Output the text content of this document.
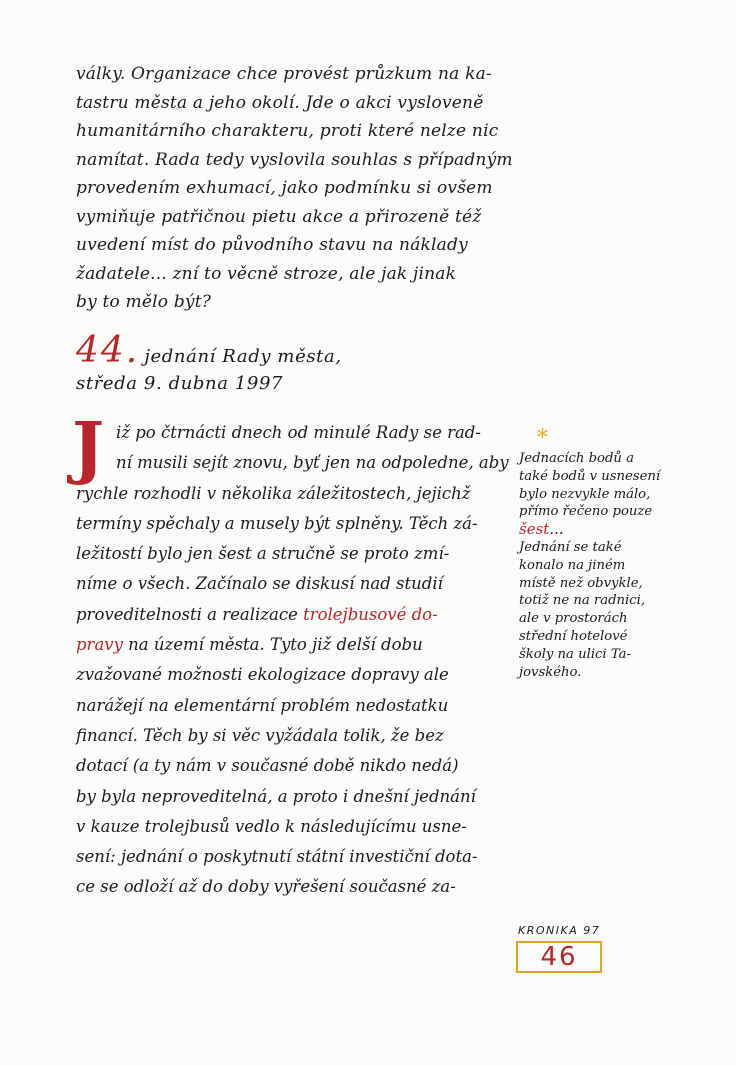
války. Organizace chce provést průzkum na ka-
tastru města a jeho okolí. Jde o akci vysloveně
humanitárního charakteru, proti které nelze nic
namítat. Rada tedy vyslovila souhlas s případným
provedením exhumací, jako podmínku si ovšem
vymiňuje patřičnou pietu akce a přirozeně též
uvedení míst do původního stavu na náklady
žadatele... zní to věcně stroze, ale jak jinak
by to mělo být?
44. jednání Rady města,
středa 9. dubna 1997
J iž po čtrnácti dnech od minulé Rady se rad-
ní musili sejít znovu, byť jen na odpoledne, aby
rychle rozhodli v několika záležitostech, jejichž
termíny spěchaly a musely být splněny. Těch zá-
ležitostí bylo jen šest a stručně se proto zmí-
níme o všech. Začínalo se diskusí nad studií
proveditelnosti a realizace trolejbusové do-
pravy na území města. Tyto již delší dobu
zvažované možnosti ekologizace dopravy ale
narážejí na elementární problém nedostatku
financí. Těch by si věc vyžádala tolik, že bez
dotací (a ty nám v současné době nikdo nedá)
by byla neproveditelná, a proto i dnešní jednání
v kauze trolejbusů vedlo k následujícímu usne-
sení: jednání o poskytnutí státní investiční dota-
ce se odloží až do doby vyřešení současné za-
*
Jednacích bodů a
také bodů v usnesení
bylo nezvykle málo,
přímo řečeno pouze
šest...
Jednání se také
konalo na jiném
místě než obvykle,
totiž ne na radnici,
ale v prostorách
střední hotelové
školy na ulici Ta-
jovského.
KRONIKA 97
46
